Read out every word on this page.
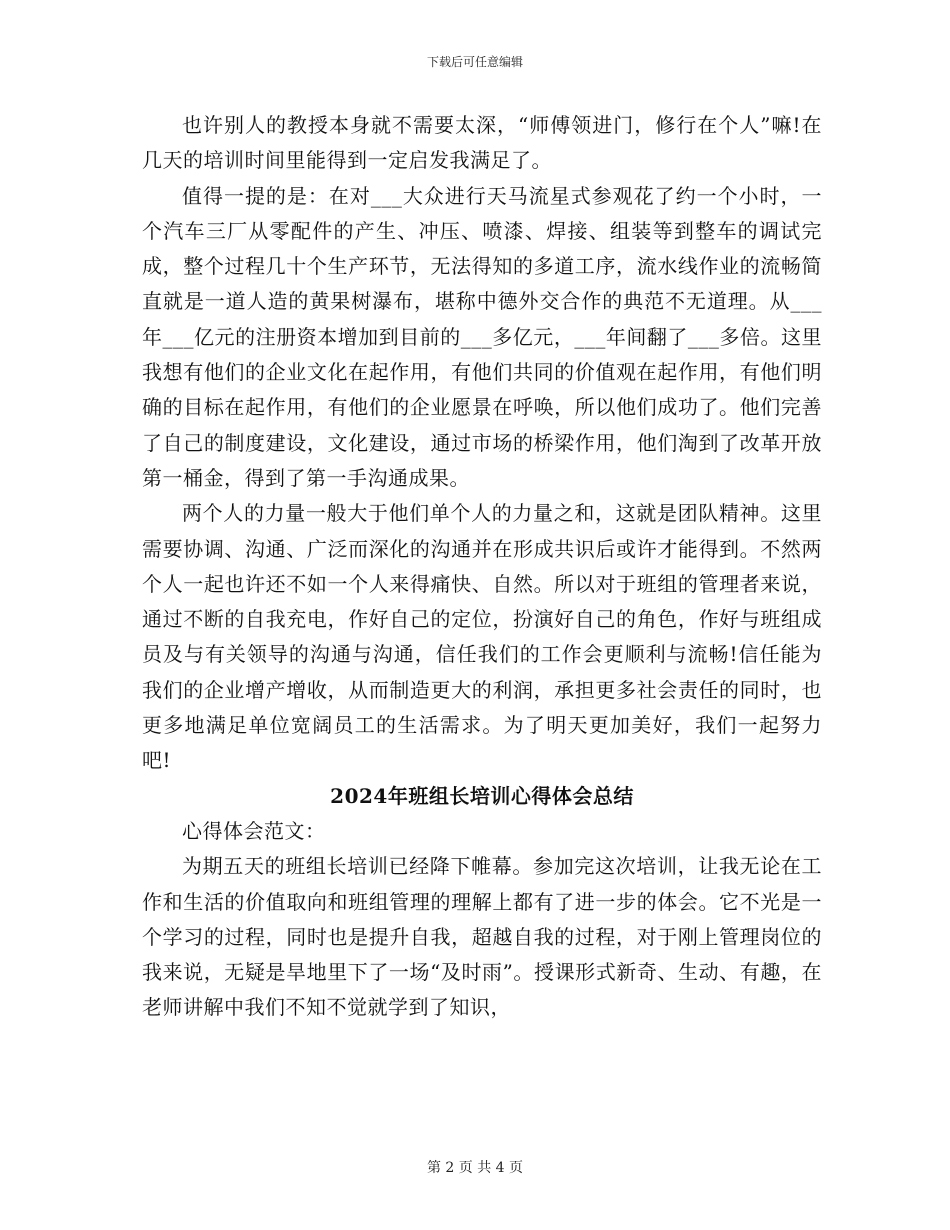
下载后可任意编辑

也许别人的教授本身就不需要太深，“师傅领进门，修行在个人”嘛!在几天的培训时间里能得到一定启发我满足了。

值得一提的是：在对___大众进行天马流星式参观花了约一个小时，一个汽车三厂从零配件的产生、冲压、喷漆、焊接、组装等到整车的调试完成，整个过程几十个生产环节，无法得知的多道工序，流水线作业的流畅简直就是一道人造的黄果树瀑布，堪称中德外交合作的典范不无道理。从___年___亿元的注册资本增加到目前的___多亿元，___年间翻了___多倍。这里我想有他们的企业文化在起作用，有他们共同的价值观在起作用，有他们明确的目标在起作用，有他们的企业愿景在呼唤，所以他们成功了。他们完善了自己的制度建设，文化建设，通过市场的桥梁作用，他们淘到了改革开放第一桶金，得到了第一手沟通成果。

两个人的力量一般大于他们单个人的力量之和，这就是团队精神。这里需要协调、沟通、广泛而深化的沟通并在形成共识后或许才能得到。不然两个人一起也许还不如一个人来得痛快、自然。所以对于班组的管理者来说，通过不断的自我充电，作好自己的定位，扮演好自己的角色，作好与班组成员及与有关领导的沟通与沟通，信任我们的工作会更顺利与流畅!信任能为我们的企业增产增收，从而制造更大的利润，承担更多社会责任的同时，也更多地满足单位宽阔员工的生活需求。为了明天更加美好，我们一起努力吧!

2024年班组长培训心得体会总结

心得体会范文：

为期五天的班组长培训已经降下帷幕。参加完这次培训，让我无论在工作和生活的价值取向和班组管理的理解上都有了进一步的体会。它不光是一个学习的过程，同时也是提升自我，超越自我的过程，对于刚上管理岗位的我来说，无疑是旱地里下了一场“及时雨”。授课形式新奇、生动、有趣，在老师讲解中我们不知不觉就学到了知识，

第 2 页 共 4 页
